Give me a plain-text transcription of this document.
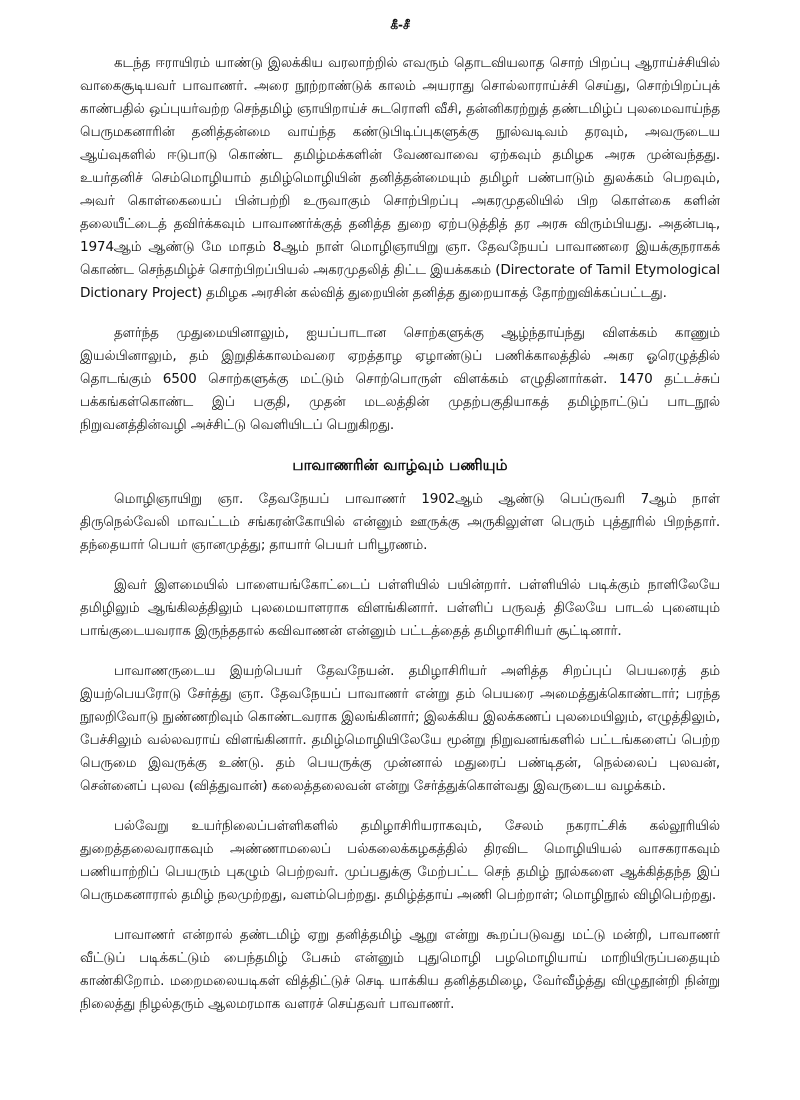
கீ-சீ

கடந்த ஈராயிரம் யாண்டு இலக்கிய வரலாற்றில் எவரும் தொடவியலாத சொற் பிறப்பு ஆராய்ச்சியில் வாகைசூடியவர் பாவாணர். அரை நூற்றாண்டுக் காலம் அயராது சொல்லாராய்ச்சி செய்து, சொற்பிறப்புக் காண்பதில் ஒப்புயர்வற்ற செந்தமிழ் ஞாயிறாய்ச் சுடரொளி வீசி, தன்னிகரற்றுத் தண்டமிழ்ப் புலமைவாய்ந்த பெருமகனாரின் தனித்தன்மை வாய்ந்த கண்டுபிடிப்புகளுக்கு நூல்வடிவம் தரவும், அவருடைய ஆய்வுகளில் ஈடுபாடு கொண்ட தமிழ்மக்களின் வேணவாவை ஏற்கவும் தமிழக அரசு முன்வந்தது. உயர்தனிச் செம்மொழியாம் தமிழ்மொழியின் தனித்தன்மையும் தமிழர் பண்பாடும் துலக்கம் பெறவும், அவர் கொள்கையைப் பின்பற்றி உருவாகும் சொற்பிறப்பு அகரமுதலியில் பிற கொள்கை களின் தலையீட்டைத் தவிர்க்கவும் பாவாணர்க்குத் தனித்த துறை ஏற்படுத்தித் தர அரசு விரும்பியது. அதன்படி, 1974ஆம் ஆண்டு மே மாதம் 8ஆம் நாள் மொழிஞாயிறு ஞா. தேவநேயப் பாவாணரை இயக்குநராகக் கொண்ட செந்தமிழ்ச் சொற்பிறப்பியல் அகரமுதலித் திட்ட இயக்ககம் (Directorate of Tamil Etymological Dictionary Project) தமிழக அரசின் கல்வித் துறையின் தனித்த துறையாகத் தோற்றுவிக்கப்பட்டது.

தளர்ந்த முதுமையினாலும், ஐயப்பாடான சொற்களுக்கு ஆழ்ந்தாய்ந்து விளக்கம் காணும் இயல்பினாலும், தம் இறுதிக்காலம்வரை ஏறத்தாழ ஏழாண்டுப் பணிக்காலத்தில் அகர ஓரெழுத்தில் தொடங்கும் 6500 சொற்களுக்கு மட்டும் சொற்பொருள் விளக்கம் எழுதினார்கள். 1470 தட்டச்சுப் பக்கங்கள்கொண்ட இப் பகுதி, முதன் மடலத்தின் முதற்பகுதியாகத் தமிழ்நாட்டுப் பாடநூல் நிறுவனத்தின்வழி அச்சிட்டு வெளியிடப் பெறுகிறது.

பாவாணரின் வாழ்வும் பணியும்

மொழிஞாயிறு ஞா. தேவநேயப் பாவாணர் 1902ஆம் ஆண்டு பெப்ருவரி 7ஆம் நாள் திருநெல்வேலி மாவட்டம் சங்கரன்கோயில் என்னும் ஊருக்கு அருகிலுள்ள பெரும் புத்தூரில் பிறந்தார். தந்தையார் பெயர் ஞானமுத்து; தாயார் பெயர் பரிபூரணம்.

இவர் இளமையில் பாளையங்கோட்டைப் பள்ளியில் பயின்றார். பள்ளியில் படிக்கும் நாளிலேயே தமிழிலும் ஆங்கிலத்திலும் புலமையாளராக விளங்கினார். பள்ளிப் பருவத் திலேயே பாடல் புனையும் பாங்குடையவராக இருந்ததால் கவிவாணன் என்னும் பட்டத்தைத் தமிழாசிரியர் சூட்டினார்.

பாவாணருடைய இயற்பெயர் தேவநேயன். தமிழாசிரியர் அளித்த சிறப்புப் பெயரைத் தம் இயற்பெயரோடு சேர்த்து ஞா. தேவநேயப் பாவாணர் என்று தம் பெயரை அமைத்துக்கொண்டார்; பரந்த நூலறிவோடு நுண்ணறிவும் கொண்டவராக இலங்கினார்; இலக்கிய இலக்கணப் புலமையிலும், எழுத்திலும், பேச்சிலும் வல்லவராய் விளங்கினார். தமிழ்மொழியிலேயே மூன்று நிறுவனங்களில் பட்டங்களைப் பெற்ற பெருமை இவருக்கு உண்டு. தம் பெயருக்கு முன்னால் மதுரைப் பண்டிதன், நெல்லைப் புலவன், சென்னைப் புலவ (வித்துவான்) கலைத்தலைவன் என்று சேர்த்துக்கொள்வது இவருடைய வழக்கம்.

பல்வேறு உயர்நிலைப்பள்ளிகளில் தமிழாசிரியராகவும், சேலம் நகராட்சிக் கல்லூரியில் துறைத்தலைவராகவும் அண்ணாமலைப் பல்கலைக்கழகத்தில் திரவிட மொழியியல் வாசகராகவும் பணியாற்றிப் பெயரும் புகழும் பெற்றவர். முப்பதுக்கு மேற்பட்ட செந் தமிழ் நூல்களை ஆக்கித்தந்த இப் பெருமகனாரால் தமிழ் நலமுற்றது, வளம்பெற்றது. தமிழ்த்தாய் அணி பெற்றாள்; மொழிநூல் விழிபெற்றது.

பாவாணர் என்றால் தண்டமிழ் ஏறு தனித்தமிழ் ஆறு என்று கூறப்படுவது மட்டு மன்றி, பாவாணர் வீட்டுப் படிக்கட்டும் பைந்தமிழ் பேசும் என்னும் புதுமொழி பழமொழியாய் மாறியிருப்பதையும் காண்கிறோம். மறைமலையடிகள் வித்திட்டுச் செடி யாக்கிய தனித்தமிழை, வேர்வீழ்த்து விழுதூன்றி நின்று நிலைத்து நிழல்தரும் ஆலமரமாக வளரச் செய்தவர் பாவாணர்.
